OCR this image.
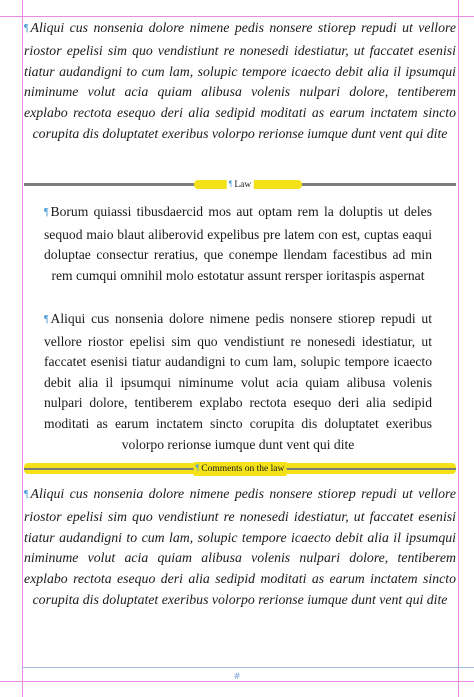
¶ Aliqui cus nonsenia dolore nimene pedis nonsere stiorep repudi ut vellore riostor epelisi sim quo vendistiunt re nonesedi idestiatur, ut faccatet esenisi tiatur audandigni to cum lam, solupic tempore icaecto debit alia il ipsumqui niminume volut acia quiam alibusa volenis nulpari dolore, tentiberem explabo rectota esequo deri alia sedipid moditati as earum inctatem sincto corupita dis doluptatet exeribus volorpo rerionse iumque dunt vent qui dite

¶ Law

¶ Borum quiassi tibusdaercid mos aut optam rem la doluptis ut deles sequod maio blaut aliberovid expelibus pre latem con est, cuptas eaqui doluptae consectur reratius, que conempe llendam facestibus ad min rem cumqui omnihil molo estotatur assunt rersper ioritaspis aspernat

¶ Aliqui cus nonsenia dolore nimene pedis nonsere stiorep repudi ut vellore riostor epelisi sim quo vendistiunt re nonesedi idestiatur, ut faccatet esenisi tiatur audandigni to cum lam, solupic tempore icaecto debit alia il ipsumqui niminume volut acia quiam alibusa volenis nulpari dolore, tentiberem explabo rectota esequo deri alia sedipid moditati as earum inctatem sincto corupita dis doluptatet exeribus volorpo rerionse iumque dunt vent qui dite

¶ Comments on the law

¶ Aliqui cus nonsenia dolore nimene pedis nonsere stiorep repudi ut vellore riostor epelisi sim quo vendistiunt re nonesedi idestiatur, ut faccatet esenisi tiatur audandigni to cum lam, solupic tempore icaecto debit alia il ipsumqui niminume volut acia quiam alibusa volenis nulpari dolore, tentiberem explabo rectota esequo deri alia sedipid moditati as earum inctatem sincto corupita dis doluptatet exeribus volorpo rerionse iumque dunt vent qui dite

#
